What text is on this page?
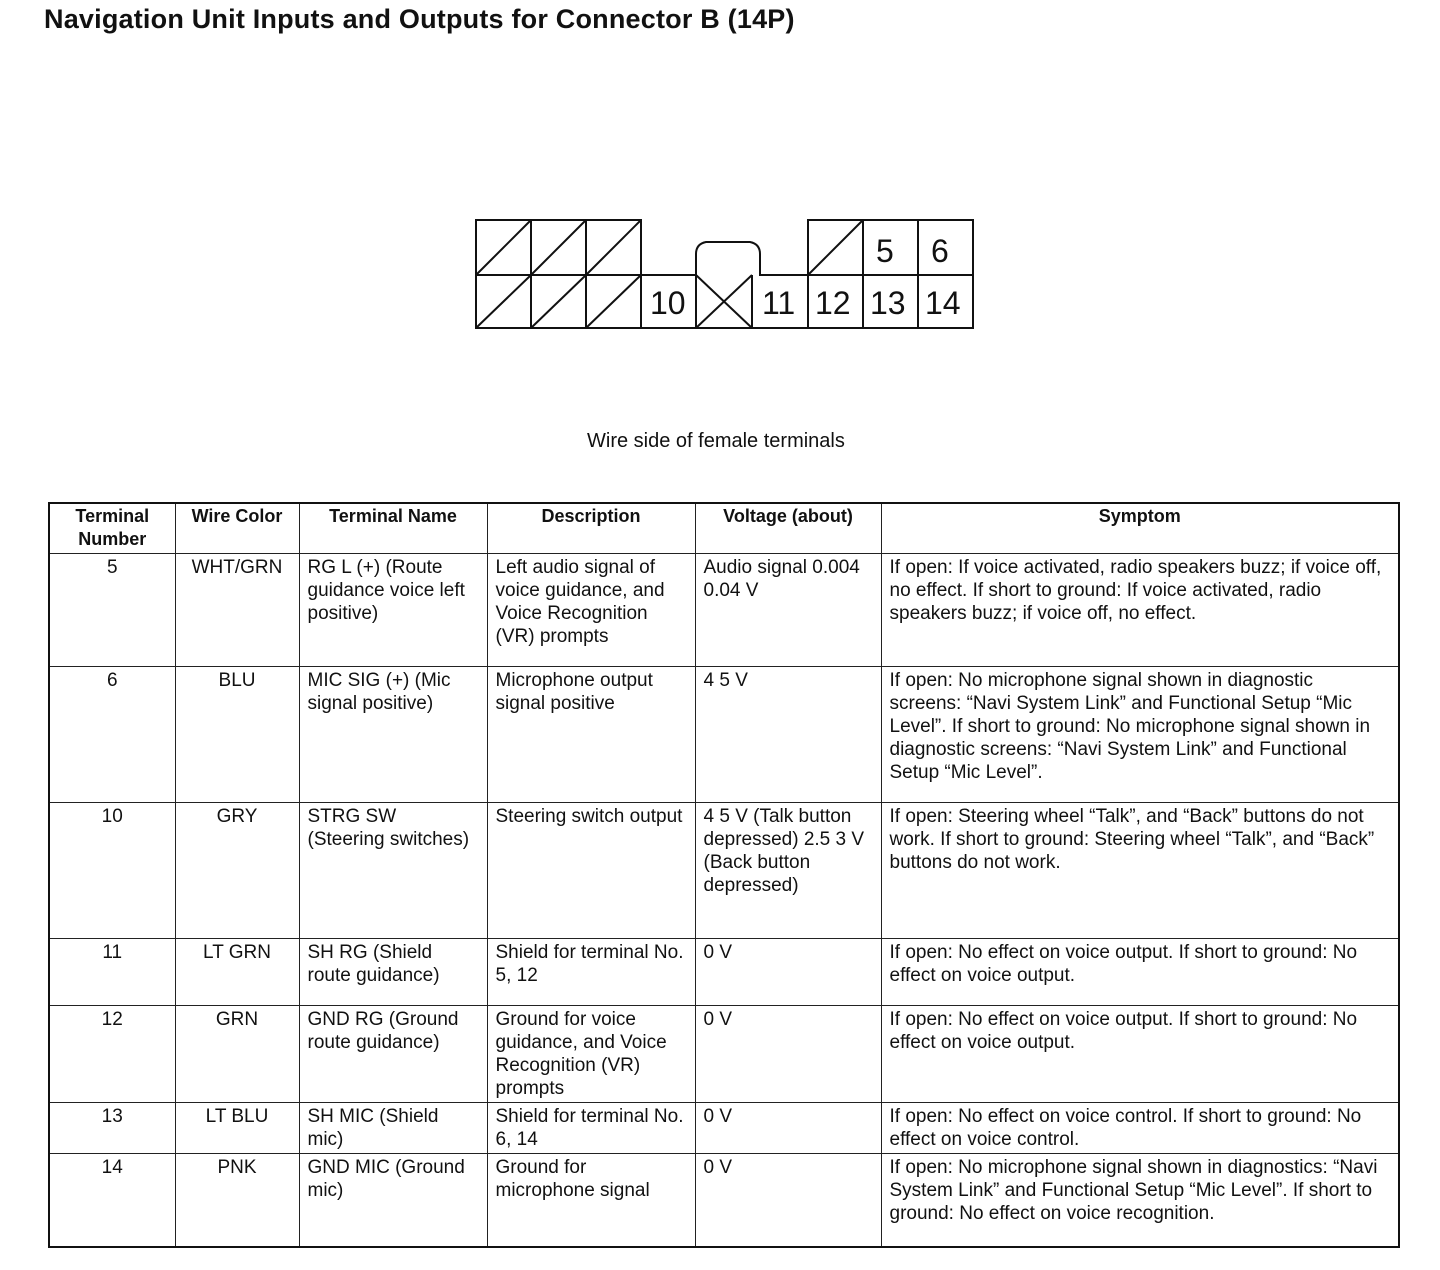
Navigation Unit Inputs and Outputs for Connector B (14P)
5 6
10 11 12 13 14
Wire side of female terminals
Terminal Number	Wire Color	Terminal Name	Description	Voltage (about)	Symptom
5	WHT/GRN	RG L (+) (Route guidance voice left positive)	Left audio signal of voice guidance, and Voice Recognition (VR) prompts	Audio signal 0.004 0.04 V	If open: If voice activated, radio speakers buzz; if voice off, no effect. If short to ground: If voice activated, radio speakers buzz; if voice off, no effect.
6	BLU	MIC SIG (+) (Mic signal positive)	Microphone output signal positive	4 5 V	If open: No microphone signal shown in diagnostic screens: “Navi System Link” and Functional Setup “Mic Level”. If short to ground: No microphone signal shown in diagnostic screens: “Navi System Link” and Functional Setup “Mic Level”.
10	GRY	STRG SW (Steering switches)	Steering switch output	4 5 V (Talk button depressed) 2.5 3 V (Back button depressed)	If open: Steering wheel “Talk”, and “Back” buttons do not work. If short to ground: Steering wheel “Talk”, and “Back” buttons do not work.
11	LT GRN	SH RG (Shield route guidance)	Shield for terminal No. 5, 12	0 V	If open: No effect on voice output. If short to ground: No effect on voice output.
12	GRN	GND RG (Ground route guidance)	Ground for voice guidance, and Voice Recognition (VR) prompts	0 V	If open: No effect on voice output. If short to ground: No effect on voice output.
13	LT BLU	SH MIC (Shield mic)	Shield for terminal No. 6, 14	0 V	If open: No effect on voice control. If short to ground: No effect on voice control.
14	PNK	GND MIC (Ground mic)	Ground for microphone signal	0 V	If open: No microphone signal shown in diagnostics: “Navi System Link” and Functional Setup “Mic Level”. If short to ground: No effect on voice recognition.
